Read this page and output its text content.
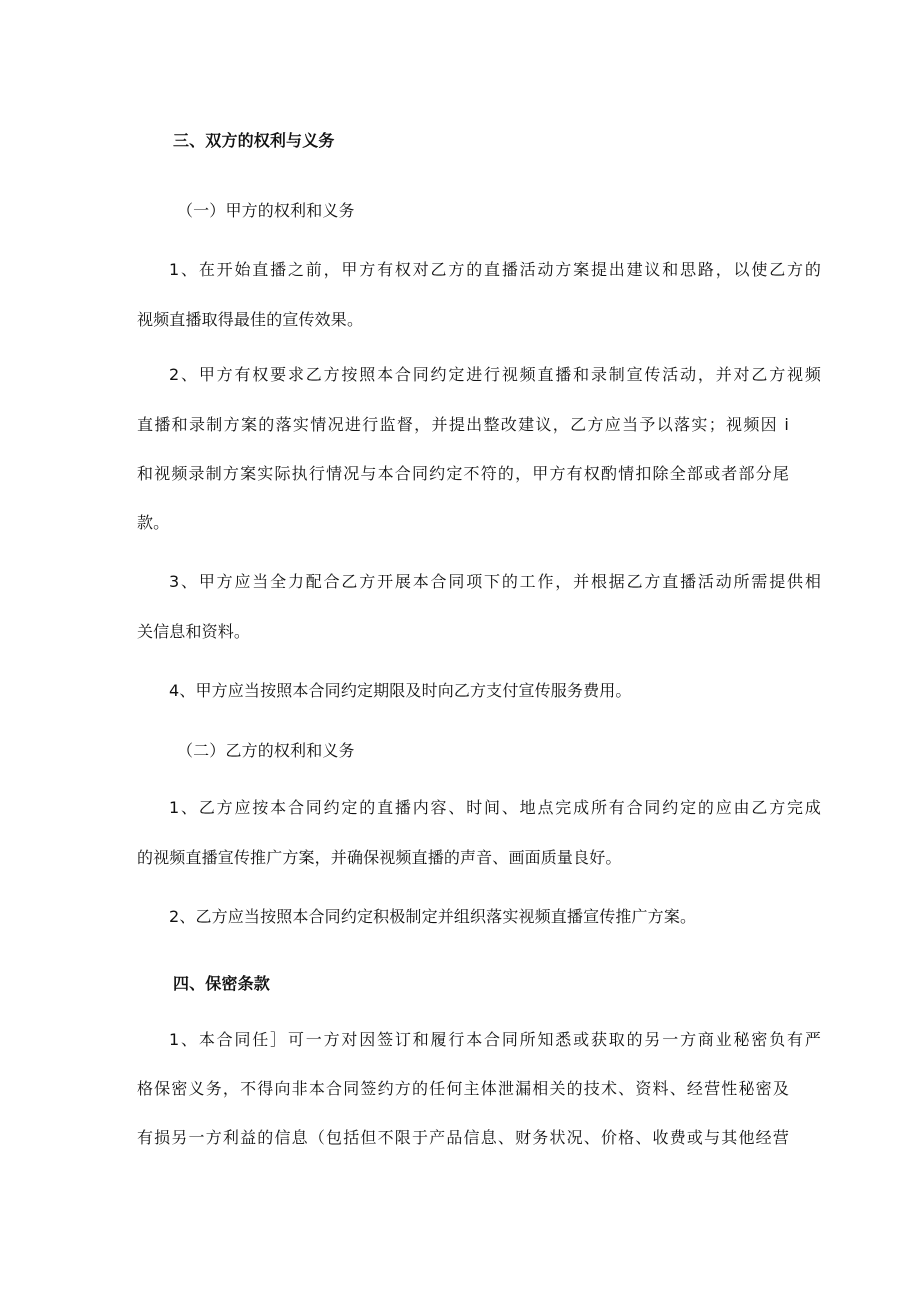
三、双方的权利与义务
（一）甲方的权利和义务
1、在开始直播之前，甲方有权对乙方的直播活动方案提出建议和思路，以使乙方的
视频直播取得最佳的宣传效果。
2、甲方有权要求乙方按照本合同约定进行视频直播和录制宣传活动，并对乙方视频
直播和录制方案的落实情况进行监督，并提出整改建议，乙方应当予以落实；视频因 i
和视频录制方案实际执行情况与本合同约定不符的，甲方有权酌情扣除全部或者部分尾
款。
3、甲方应当全力配合乙方开展本合同项下的工作，并根据乙方直播活动所需提供相
关信息和资料。
4、甲方应当按照本合同约定期限及时向乙方支付宣传服务费用。
（二）乙方的权利和义务
1、乙方应按本合同约定的直播内容、时间、地点完成所有合同约定的应由乙方完成
的视频直播宣传推广方案，并确保视频直播的声音、画面质量良好。
2、乙方应当按照本合同约定积极制定并组织落实视频直播宣传推广方案。
四、保密条款
1、本合同任］可一方对因签订和履行本合同所知悉或获取的另一方商业秘密负有严
格保密义务，不得向非本合同签约方的任何主体泄漏相关的技术、资料、经营性秘密及
有损另一方利益的信息（包括但不限于产品信息、财务状况、价格、收费或与其他经营
